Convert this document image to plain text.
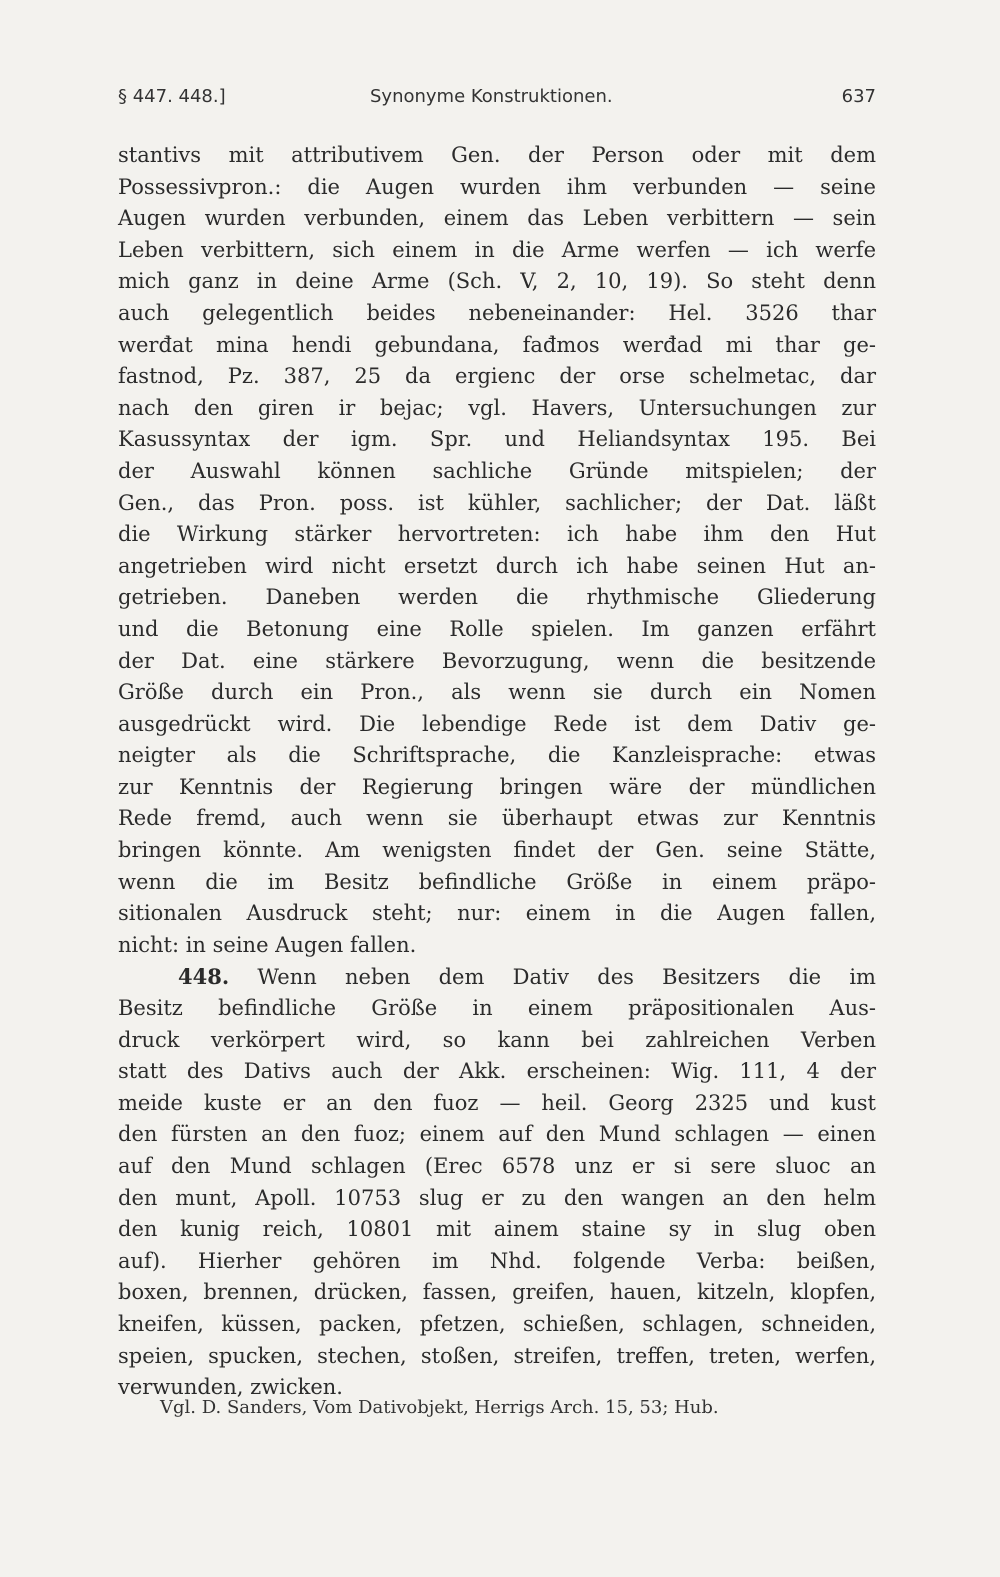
§ 447. 448.]	Synonyme Konstruktionen.	637
stantivs mit attributivem Gen. der Person oder mit dem
Possessivpron.: die Augen wurden ihm verbunden — seine
Augen wurden verbunden, einem das Leben verbittern — sein
Leben verbittern, sich einem in die Arme werfen — ich werfe
mich ganz in deine Arme (Sch. V, 2, 10, 19). So steht denn
auch gelegentlich beides nebeneinander: Hel. 3526 thar
werđat mina hendi gebundana, fađmos werđad mi thar ge-
fastnod, Pz. 387, 25 da ergienc der orse schelmetac, dar
nach den giren ir bejac; vgl. Havers, Untersuchungen zur
Kasussyntax der igm. Spr. und Heliandsyntax 195. Bei
der Auswahl können sachliche Gründe mitspielen; der
Gen., das Pron. poss. ist kühler, sachlicher; der Dat. läßt
die Wirkung stärker hervortreten: ich habe ihm den Hut
angetrieben wird nicht ersetzt durch ich habe seinen Hut an-
getrieben. Daneben werden die rhythmische Gliederung
und die Betonung eine Rolle spielen. Im ganzen erfährt
der Dat. eine stärkere Bevorzugung, wenn die besitzende
Größe durch ein Pron., als wenn sie durch ein Nomen
ausgedrückt wird. Die lebendige Rede ist dem Dativ ge-
neigter als die Schriftsprache, die Kanzleisprache: etwas
zur Kenntnis der Regierung bringen wäre der mündlichen
Rede fremd, auch wenn sie überhaupt etwas zur Kenntnis
bringen könnte. Am wenigsten findet der Gen. seine Stätte,
wenn die im Besitz befindliche Größe in einem präpo-
sitionalen Ausdruck steht; nur: einem in die Augen fallen,
nicht: in seine Augen fallen.
448. Wenn neben dem Dativ des Besitzers die im
Besitz befindliche Größe in einem präpositionalen Aus-
druck verkörpert wird, so kann bei zahlreichen Verben
statt des Dativs auch der Akk. erscheinen: Wig. 111, 4 der
meide kuste er an den fuoz — heil. Georg 2325 und kust
den fürsten an den fuoz; einem auf den Mund schlagen — einen
auf den Mund schlagen (Erec 6578 unz er si sere sluoc an
den munt, Apoll. 10753 slug er zu den wangen an den helm
den kunig reich, 10801 mit ainem staine sy in slug oben
auf). Hierher gehören im Nhd. folgende Verba: beißen,
boxen, brennen, drücken, fassen, greifen, hauen, kitzeln, klopfen,
kneifen, küssen, packen, pfetzen, schießen, schlagen, schneiden,
speien, spucken, stechen, stoßen, streifen, treffen, treten, werfen,
verwunden, zwicken.
Vgl. D. Sanders, Vom Dativobjekt, Herrigs Arch. 15, 53; Hub.
